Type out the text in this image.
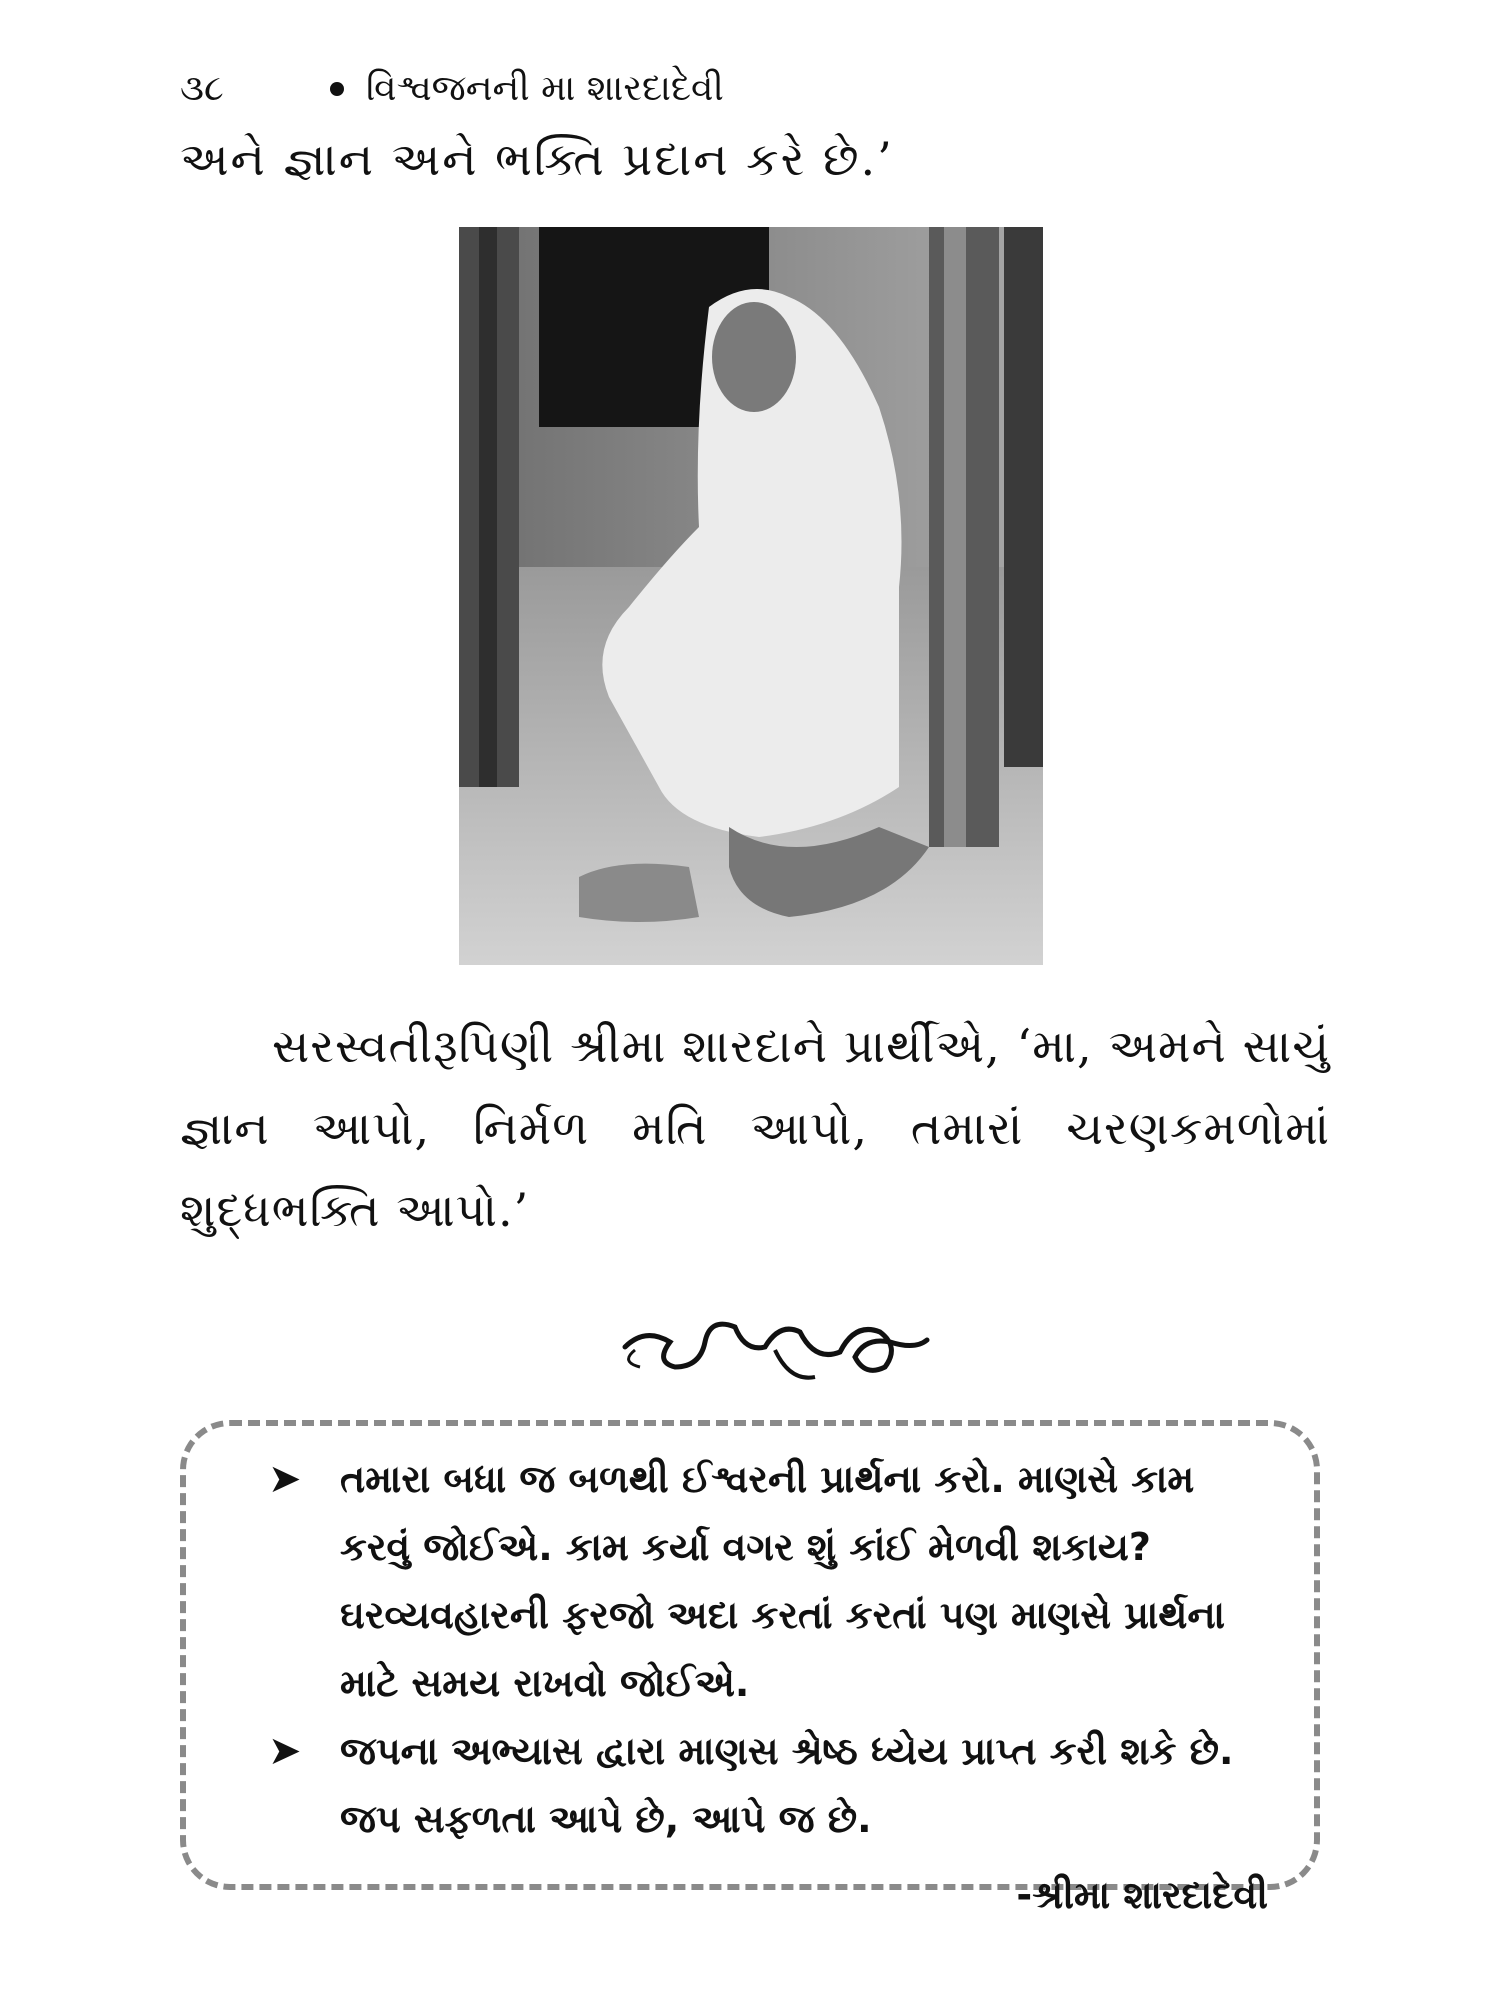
૩૮	વિશ્વજનની મા શારદાદેવી
અને જ્ઞાન અને ભક્તિ પ્રદાન કરે છે.’
સરસ્વતીરૂપિણી શ્રીમા શારદાને પ્રાર્થીએ, ‘મા, અમને સાચું જ્ઞાન આપો, નિર્મળ મતિ આપો, તમારાં ચરણકમળોમાં શુદ્ધભક્તિ આપો.’
➤	તમારા બધા જ બળથી ઈશ્વરની પ્રાર્થના કરો. માણસે કામ કરવું જોઈએ. કામ કર્યા વગર શું કાંઈ મેળવી શકાય? ઘરવ્યવહારની ફરજો અદા કરતાં કરતાં પણ માણસે પ્રાર્થના માટે સમય રાખવો જોઈએ.
➤	જપના અભ્યાસ દ્વારા માણસ શ્રેષ્ઠ ધ્યેય પ્રાપ્ત કરી શકે છે. જપ સફળતા આપે છે, આપે જ છે.
-શ્રીમા શારદાદેવી
